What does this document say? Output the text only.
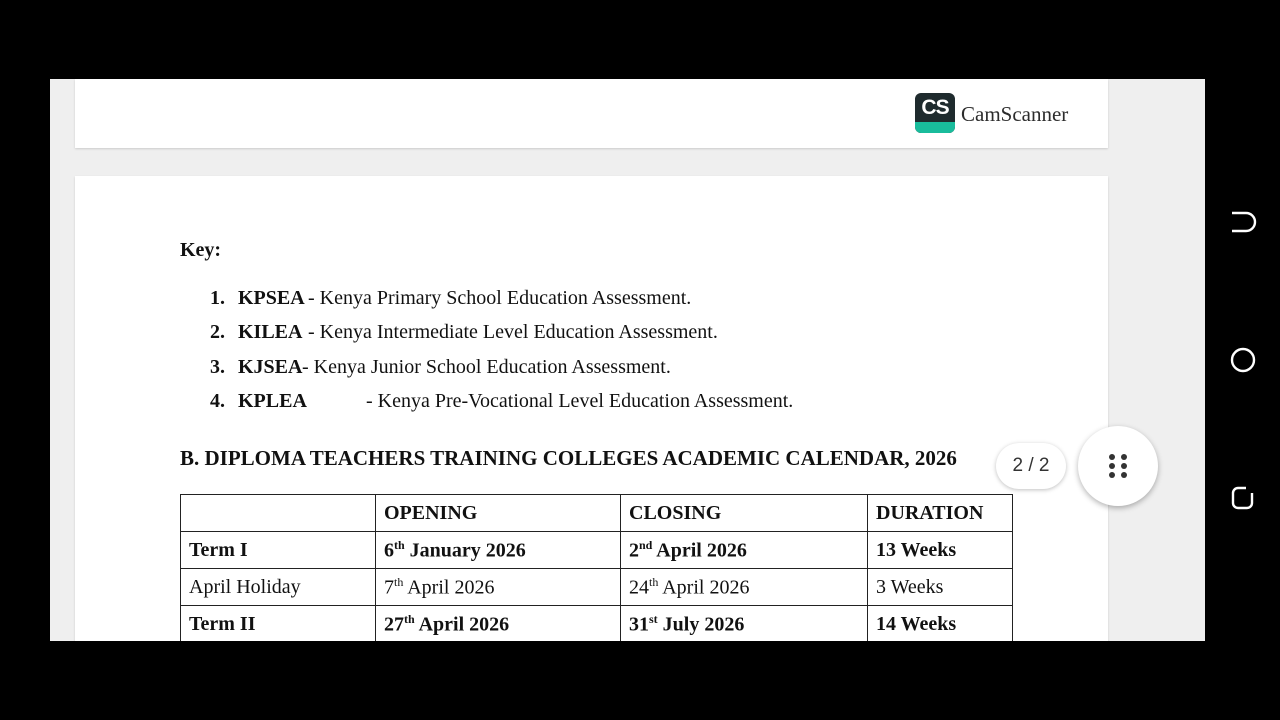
CS CamScanner
Key:
1. KPSEA - Kenya Primary School Education Assessment.
2. KILEA - Kenya Intermediate Level Education Assessment.
3. KJSEA- Kenya Junior School Education Assessment.
4. KPLEA	- Kenya Pre-Vocational Level Education Assessment.
B. DIPLOMA TEACHERS TRAINING COLLEGES ACADEMIC CALENDAR, 2026
	OPENING	CLOSING	DURATION
Term I	6th January 2026	2nd April 2026	13 Weeks
April Holiday	7th April 2026	24th April 2026	3 Weeks
Term II	27th April 2026	31st July 2026	14 Weeks
2 / 2
